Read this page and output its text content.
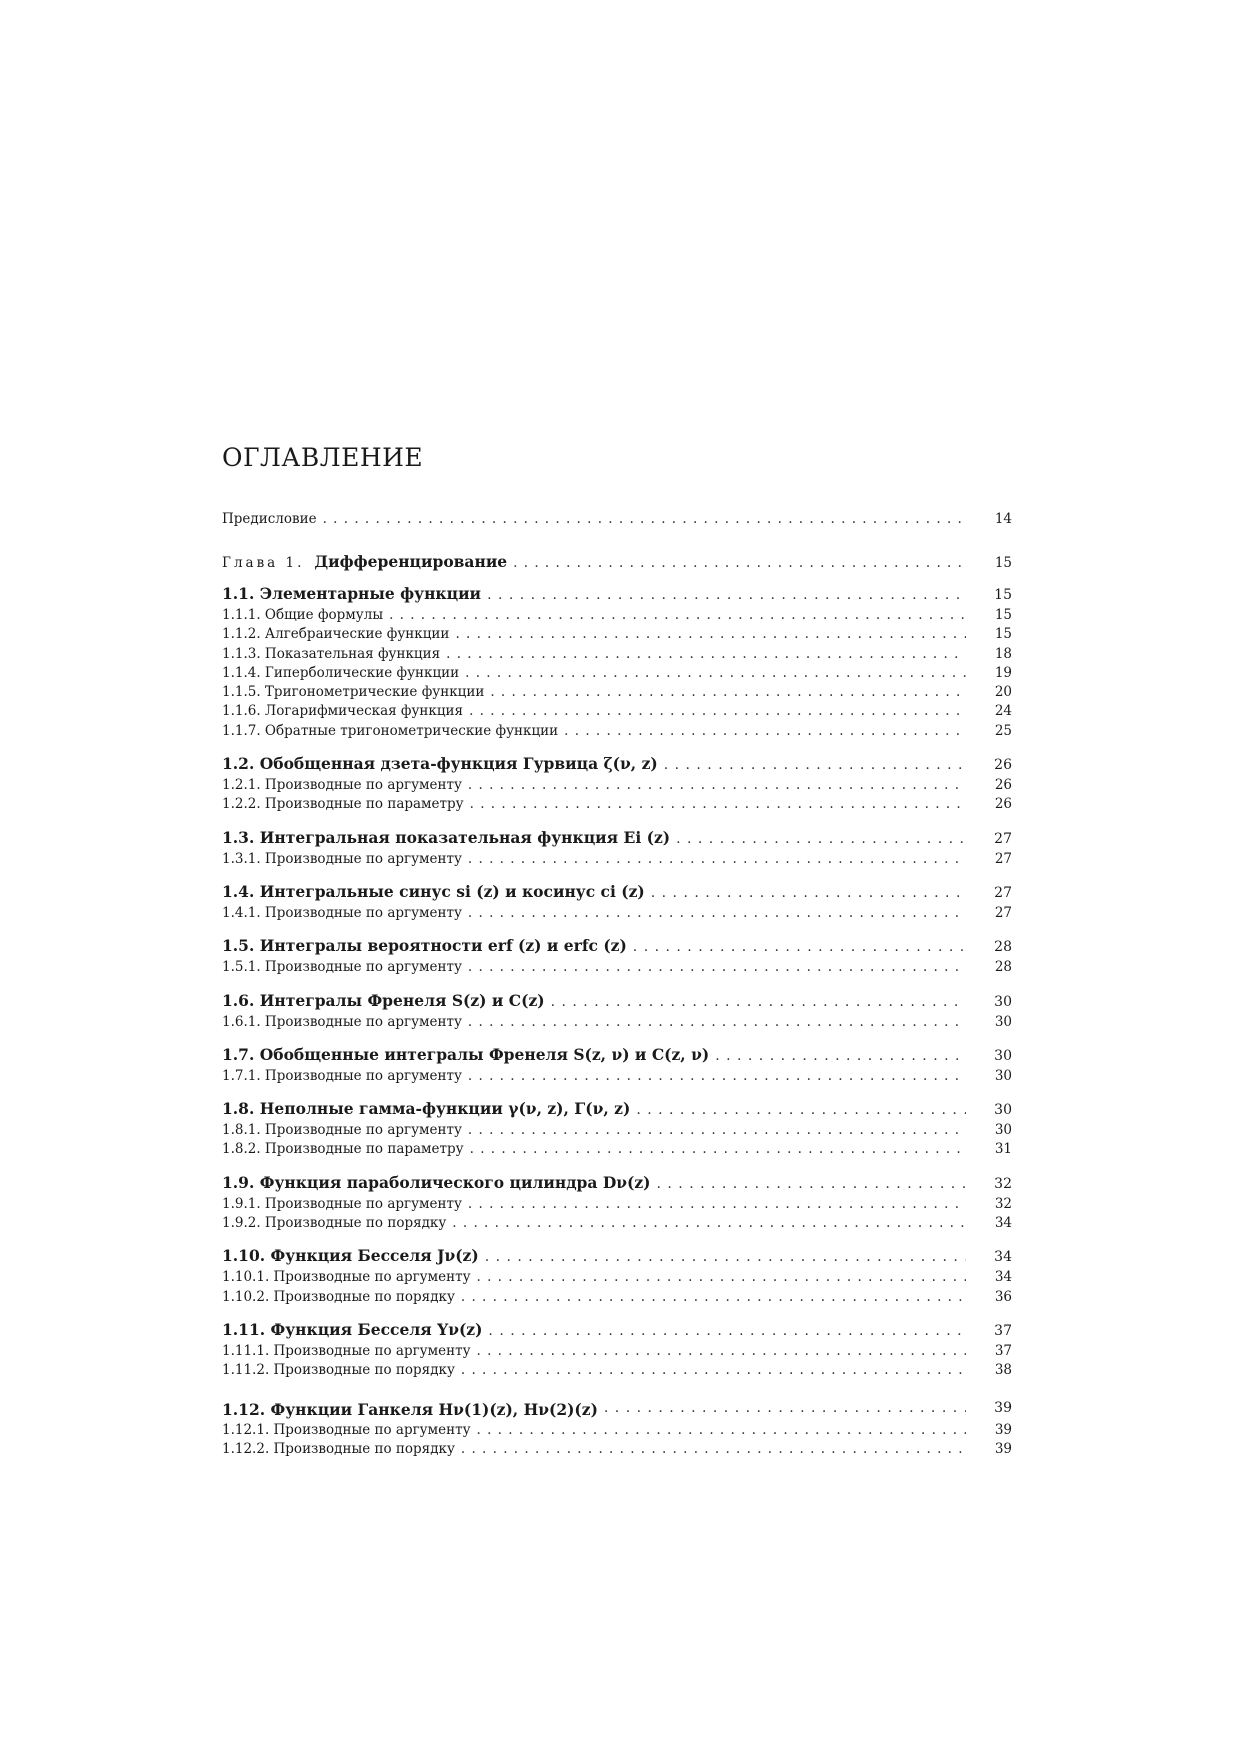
ОГЛАВЛЕНИЕ
Предисловие . . .	14
Глава 1. Дифференцирование . . .	15
1.1. Элементарные функции . . .	15
1.1.1. Общие формулы . . .	15
1.1.2. Алгебраические функции . . .	15
1.1.3. Показательная функция . . .	18
1.1.4. Гиперболические функции . . .	19
1.1.5. Тригонометрические функции . . .	20
1.1.6. Логарифмическая функция . . .	24
1.1.7. Обратные тригонометрические функции . . .	25
1.2. Обобщенная дзета-функция Гурвица ζ(ν, z) . . .	26
1.2.1. Производные по аргументу . . .	26
1.2.2. Производные по параметру . . .	26
1.3. Интегральная показательная функция Ei (z) . . .	27
1.3.1. Производные по аргументу . . .	27
1.4. Интегральные синус si (z) и косинус ci (z) . . .	27
1.4.1. Производные по аргументу . . .	27
1.5. Интегралы вероятности erf (z) и erfc (z) . . .	28
1.5.1. Производные по аргументу . . .	28
1.6. Интегралы Френеля S(z) и C(z) . . .	30
1.6.1. Производные по аргументу . . .	30
1.7. Обобщенные интегралы Френеля S(z, ν) и C(z, ν) . . .	30
1.7.1. Производные по аргументу . . .	30
1.8. Неполные гамма-функции γ(ν, z), Γ(ν, z) . . .	30
1.8.1. Производные по аргументу . . .	30
1.8.2. Производные по параметру . . .	31
1.9. Функция параболического цилиндра Dν(z) . . .	32
1.9.1. Производные по аргументу . . .	32
1.9.2. Производные по порядку . . .	34
1.10. Функция Бесселя Jν(z) . . .	34
1.10.1. Производные по аргументу . . .	34
1.10.2. Производные по порядку . . .	36
1.11. Функция Бесселя Yν(z) . . .	37
1.11.1. Производные по аргументу . . .	37
1.11.2. Производные по порядку . . .	38
1.12. Функции Ганкеля Hν(1)(z), Hν(2)(z) . . .	39
1.12.1. Производные по аргументу . . .	39
1.12.2. Производные по порядку . . .	39
